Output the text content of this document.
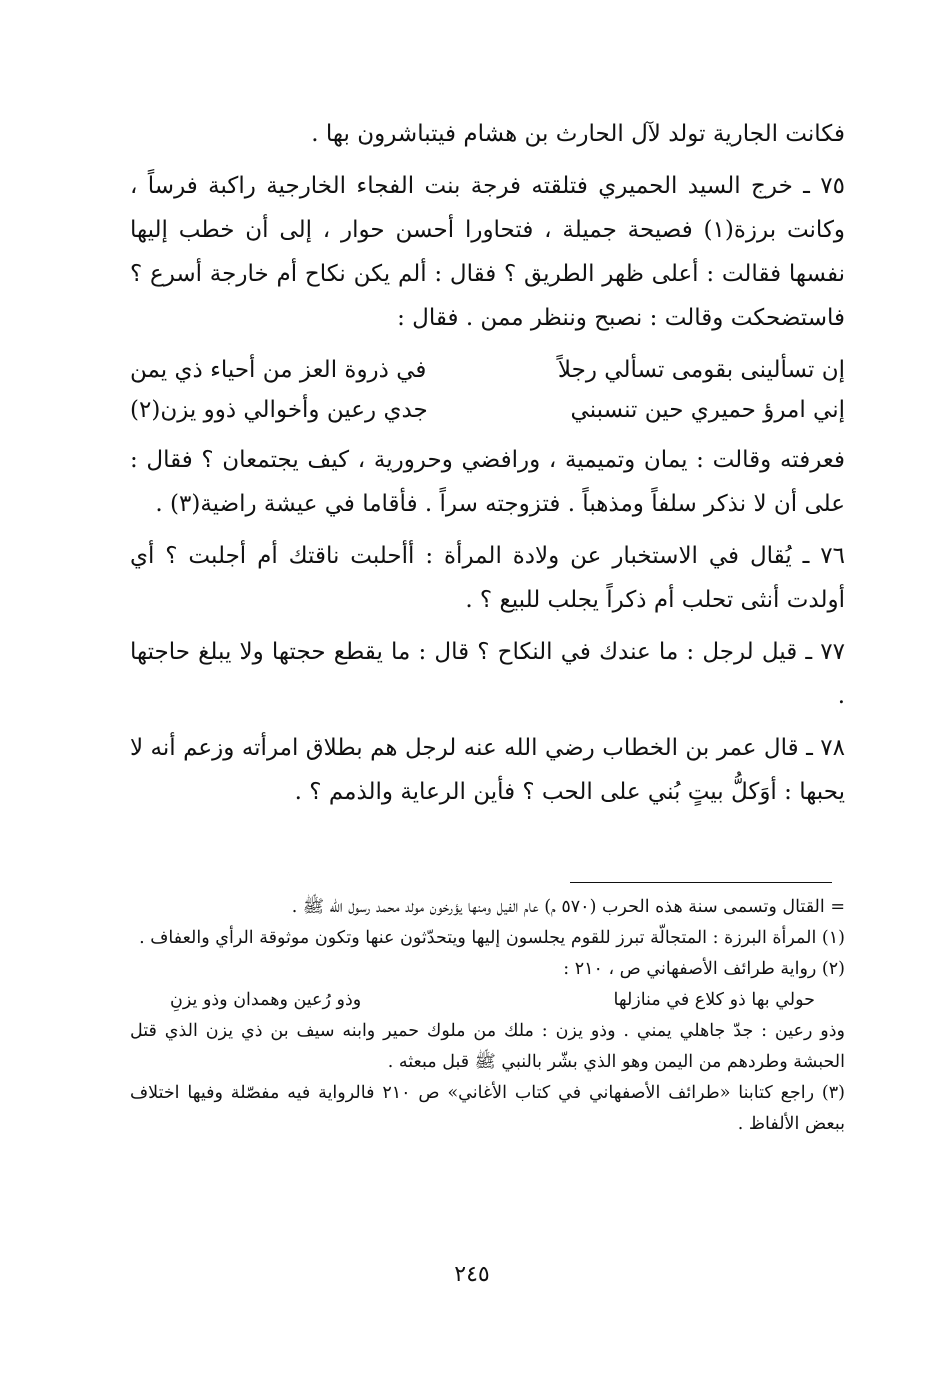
فكانت الجارية تولد لآل الحارث بن هشام فيتباشرون بها .

٧٥ ـ خرج السيد الحميري فتلقته فرجة بنت الفجاء الخارجية راكبة فرساً ، وكانت برزة(١) فصيحة جميلة ، فتحاورا أحسن حوار ، إلى أن خطب إليها نفسها فقالت : أعلى ظهر الطريق ؟ فقال : ألم يكن نكاح أم خارجة أسرع ؟ فاستضحكت وقالت : نصبح وننظر ممن . فقال :

إن تسألينى بقومى تسألي رجلاً
في ذروة العز من أحياء ذي يمن
إني امرؤ حميري حين تنسبني
جدي رعين وأخوالي ذوو يزن(٢)

فعرفته وقالت : يمان وتميمية ، ورافضي وحرورية ، كيف يجتمعان ؟ فقال : على أن لا نذكر سلفاً ومذهباً . فتزوجته سراً . فأقاما في عيشة راضية(٣) .

٧٦ ـ يُقال في الاستخبار عن ولادة المرأة : أأحلبت ناقتك أم أجلبت ؟ أي أولدت أنثى تحلب أم ذكراً يجلب للبيع ؟ .

٧٧ ـ قيل لرجل : ما عندك في النكاح ؟ قال : ما يقطع حجتها ولا يبلغ حاجتها .

٧٨ ـ قال عمر بن الخطاب رضي الله عنه لرجل هم بطلاق امرأته وزعم أنه لا يحبها : أوَكلُّ بيتٍ بُني على الحب ؟ فأين الرعاية والذمم ؟ .

= القتال وتسمى سنة هذه الحرب (٥٧٠ م) عام الفيل ومنها يؤرخون مولد محمد رسول الله ﷺ .

(١) المرأة البرزة : المتجالّة تبرز للقوم يجلسون إليها ويتحدّثون عنها وتكون موثوقة الرأي والعفاف .

(٢) رواية طرائف الأصفهاني ص ، ٢١٠ :

حولي بها ذو كلاع في منازلها
وذو رُعين وهمدان وذو يزنِ

وذو رعين : جدّ جاهلي يمني . وذو يزن : ملك من ملوك حمير وابنه سيف بن ذي يزن الذي قتل الحبشة وطردهم من اليمن وهو الذي بشّر بالنبي ﷺ قبل مبعثه .

(٣) راجع كتابنا «طرائف الأصفهاني في كتاب الأغاني» ص ٢١٠ فالرواية فيه مفصّلة وفيها اختلاف ببعض الألفاظ .

٢٤٥
